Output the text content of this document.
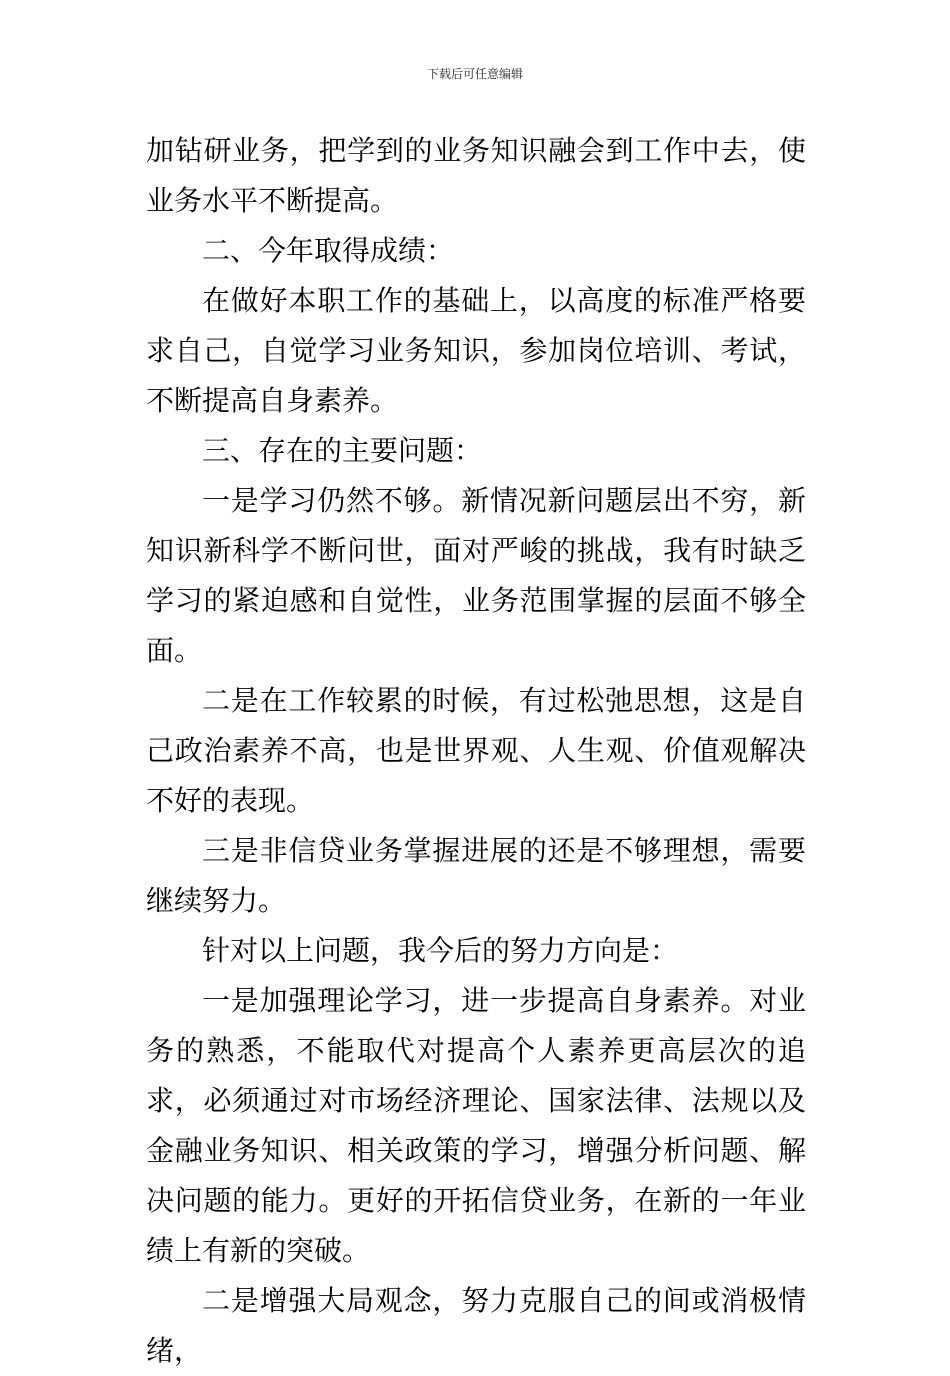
下载后可任意编辑

加钻研业务，把学到的业务知识融会到工作中去，使业务水平不断提高。

二、今年取得成绩：

在做好本职工作的基础上，以高度的标准严格要求自己，自觉学习业务知识，参加岗位培训、考试，不断提高自身素养。

三、存在的主要问题：

一是学习仍然不够。新情况新问题层出不穷，新知识新科学不断问世，面对严峻的挑战，我有时缺乏学习的紧迫感和自觉性，业务范围掌握的层面不够全面。

二是在工作较累的时候，有过松弛思想，这是自己政治素养不高，也是世界观、人生观、价值观解决不好的表现。

三是非信贷业务掌握进展的还是不够理想，需要继续努力。

针对以上问题，我今后的努力方向是：

一是加强理论学习，进一步提高自身素养。对业务的熟悉，不能取代对提高个人素养更高层次的追求，必须通过对市场经济理论、国家法律、法规以及金融业务知识、相关政策的学习，增强分析问题、解决问题的能力。更好的开拓信贷业务，在新的一年业绩上有新的突破。

二是增强大局观念，努力克服自己的间或消极情绪，
